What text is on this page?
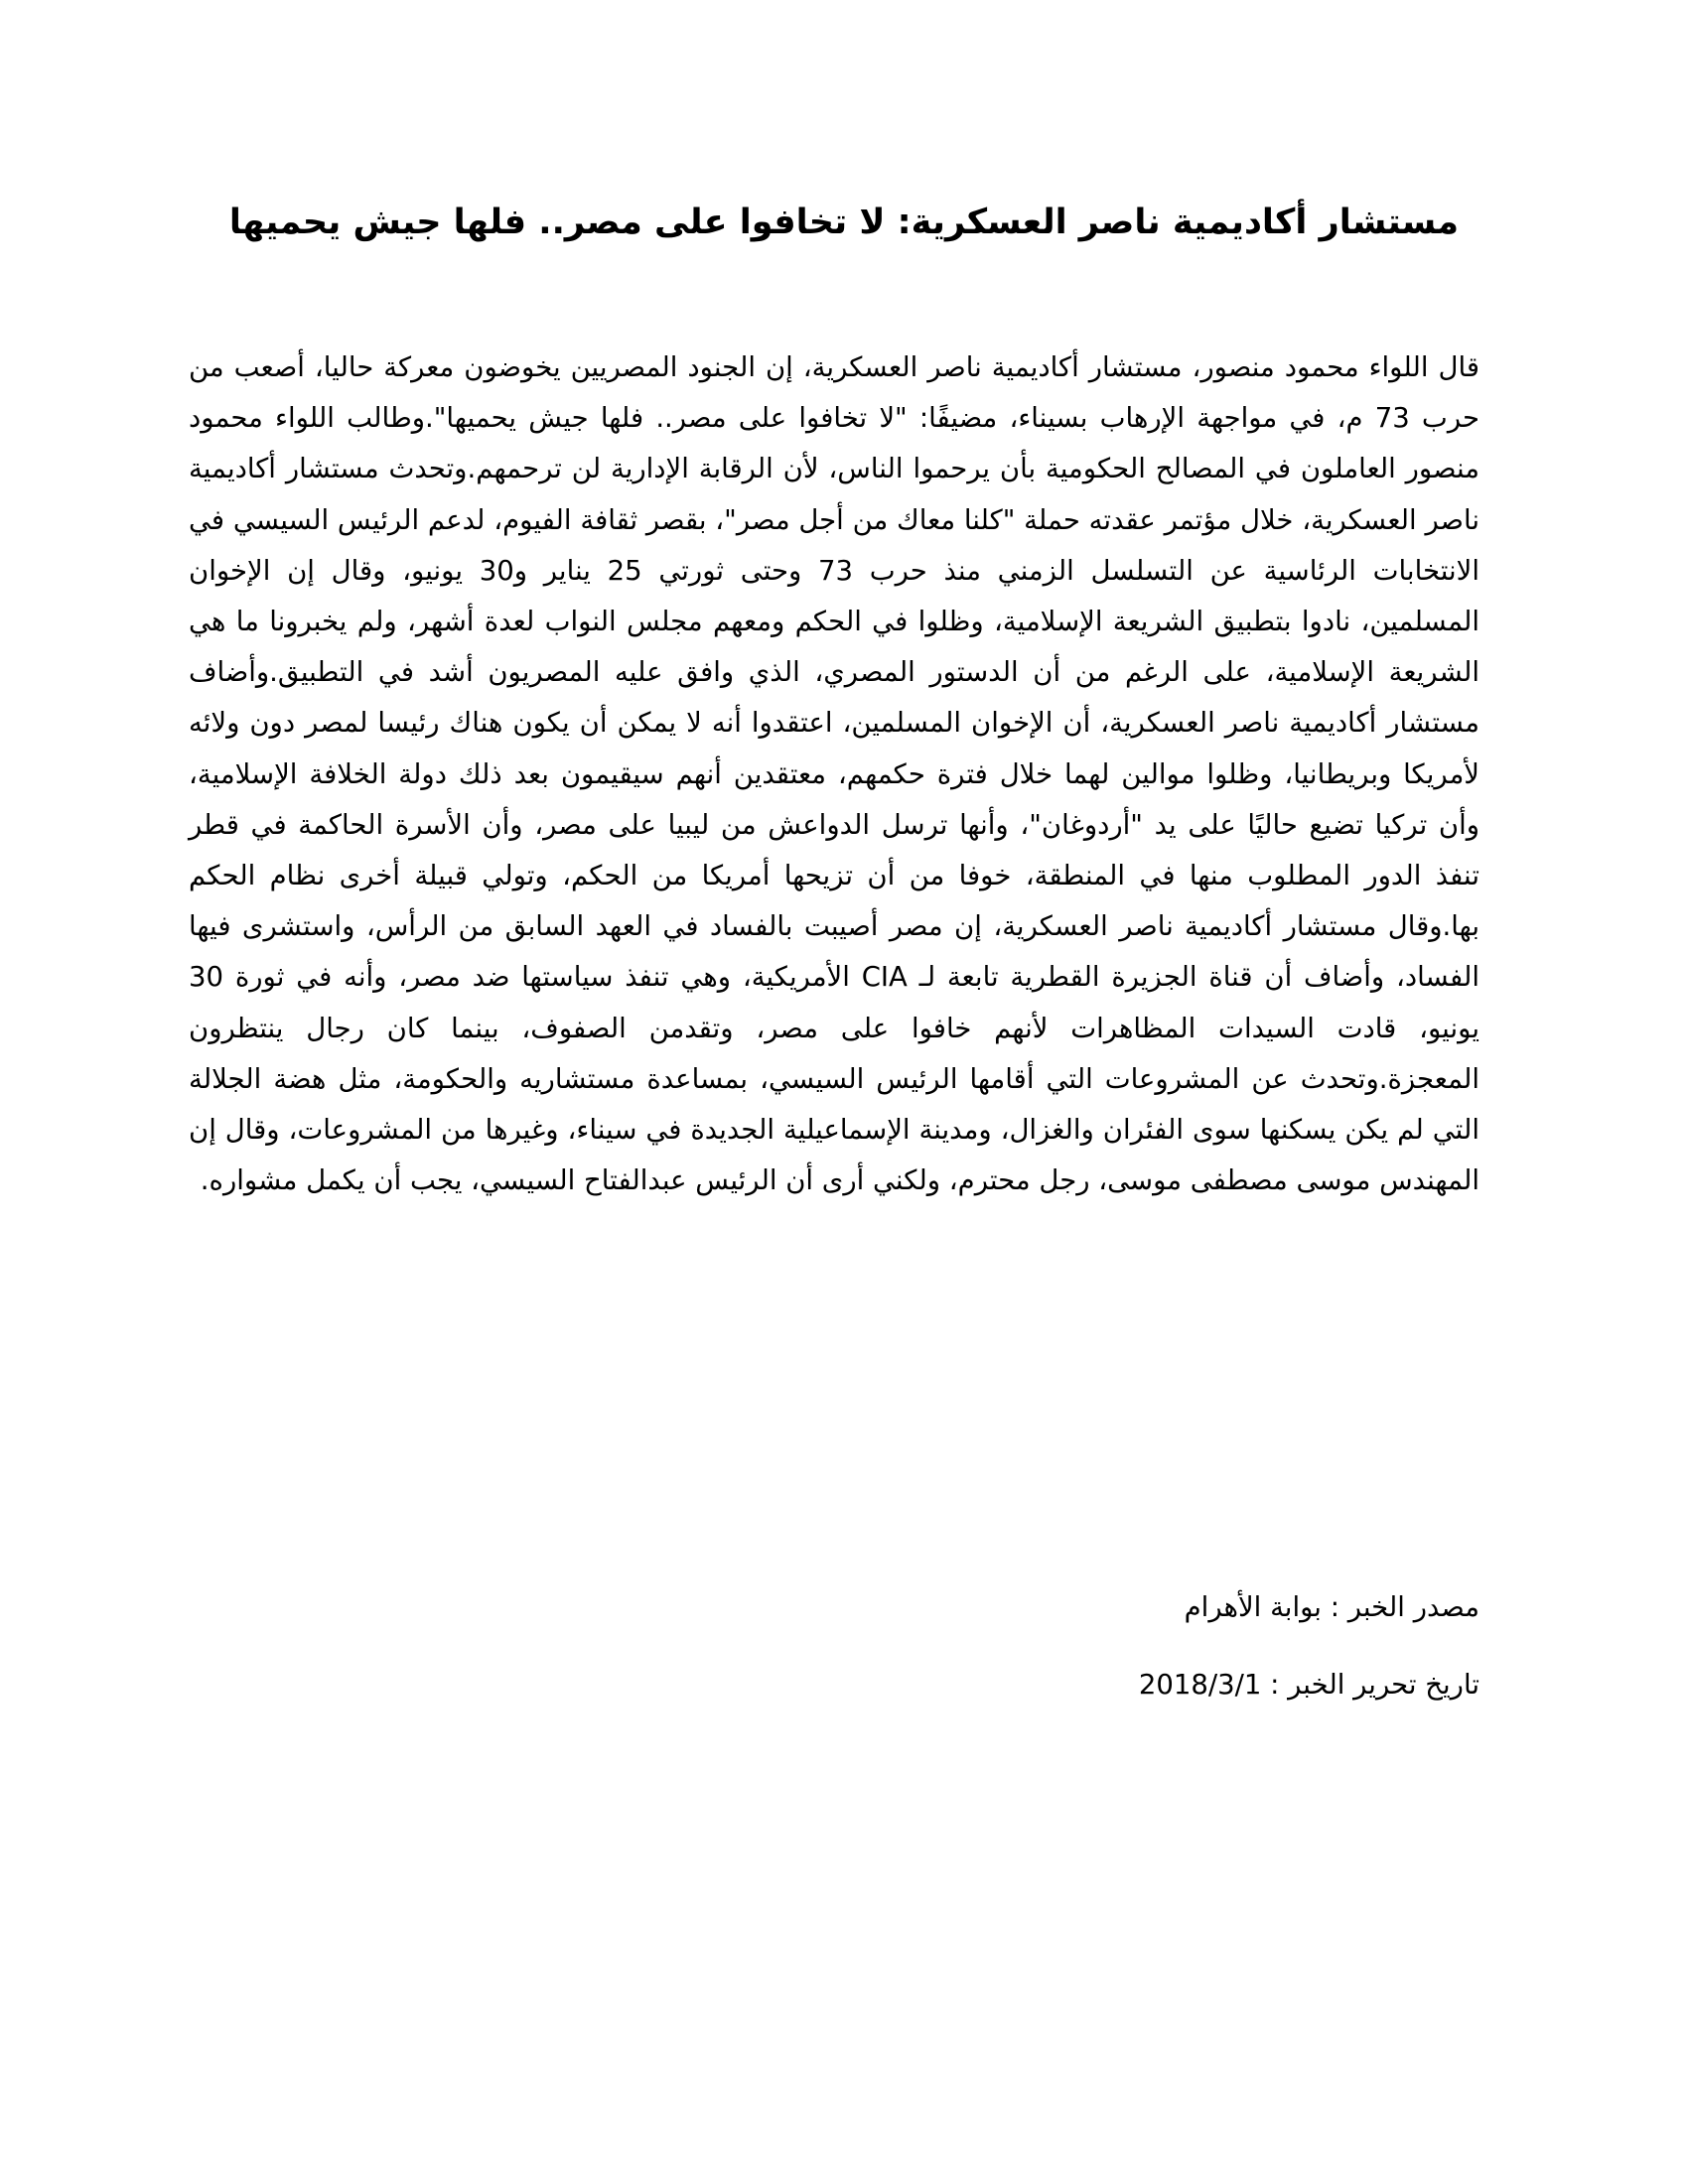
مستشار أكاديمية ناصر العسكرية: لا تخافوا على مصر.. فلها جيش يحميها

قال اللواء محمود منصور، مستشار أكاديمية ناصر العسكرية، إن الجنود المصريين يخوضون معركة حاليا، أصعب من حرب 73 م، في مواجهة الإرهاب بسيناء، مضيفًا: "لا تخافوا على مصر.. فلها جيش يحميها".وطالب اللواء محمود منصور العاملون في المصالح الحكومية بأن يرحموا الناس، لأن الرقابة الإدارية لن ترحمهم.وتحدث مستشار أكاديمية ناصر العسكرية، خلال مؤتمر عقدته حملة "كلنا معاك من أجل مصر"، بقصر ثقافة الفيوم، لدعم الرئيس السيسي في الانتخابات الرئاسية عن التسلسل الزمني منذ حرب 73 وحتى ثورتي 25 يناير و30 يونيو، وقال إن الإخوان المسلمين، نادوا بتطبيق الشريعة الإسلامية، وظلوا في الحكم ومعهم مجلس النواب لعدة أشهر، ولم يخبرونا ما هي الشريعة الإسلامية، على الرغم من أن الدستور المصري، الذي وافق عليه المصريون أشد في التطبيق.وأضاف مستشار أكاديمية ناصر العسكرية، أن الإخوان المسلمين، اعتقدوا أنه لا يمكن أن يكون هناك رئيسا لمصر دون ولائه لأمريكا وبريطانيا، وظلوا موالين لهما خلال فترة حكمهم، معتقدين أنهم سيقيمون بعد ذلك دولة الخلافة الإسلامية، وأن تركيا تضيع حاليًا على يد "أردوغان"، وأنها ترسل الدواعش من ليبيا على مصر، وأن الأسرة الحاكمة في قطر تنفذ الدور المطلوب منها في المنطقة، خوفا من أن تزيحها أمريكا من الحكم، وتولي قبيلة أخرى نظام الحكم بها.وقال مستشار أكاديمية ناصر العسكرية، إن مصر أصيبت بالفساد في العهد السابق من الرأس، واستشرى فيها الفساد، وأضاف أن قناة الجزيرة القطرية تابعة لـ CIA الأمريكية، وهي تنفذ سياستها ضد مصر، وأنه في ثورة 30 يونيو، قادت السيدات المظاهرات لأنهم خافوا على مصر، وتقدمن الصفوف، بينما كان رجال ينتظرون المعجزة.وتحدث عن المشروعات التي أقامها الرئيس السيسي، بمساعدة مستشاريه والحكومة، مثل هضة الجلالة التي لم يكن يسكنها سوى الفئران والغزال، ومدينة الإسماعيلية الجديدة في سيناء، وغيرها من المشروعات، وقال إن المهندس موسى مصطفى موسى، رجل محترم، ولكني أرى أن الرئيس عبدالفتاح السيسي، يجب أن يكمل مشواره.

مصدر الخبر : بوابة الأهرام

تاريخ تحرير الخبر : 2018/3/1
